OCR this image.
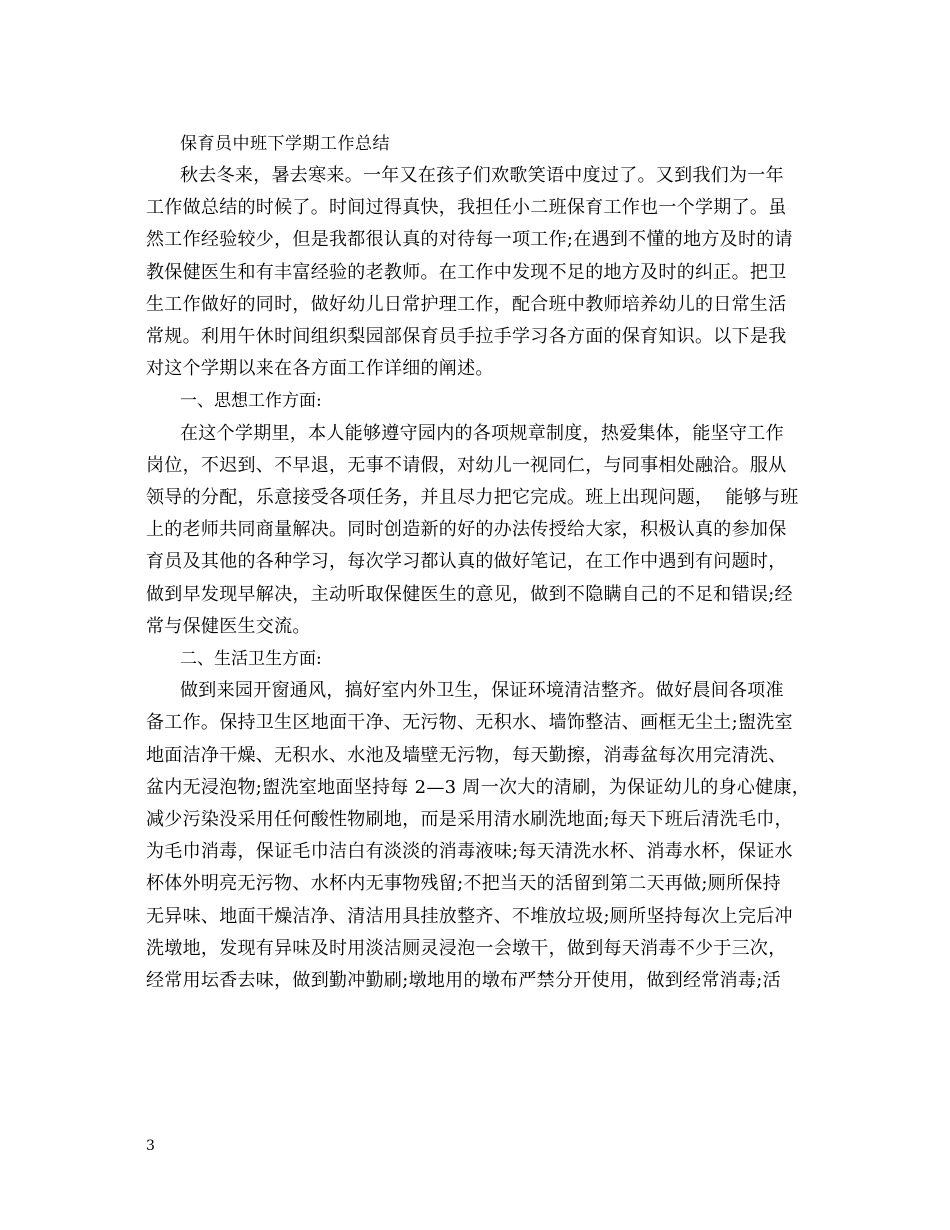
保育员中班下学期工作总结

秋去冬来，暑去寒来。一年又在孩子们欢歌笑语中度过了。又到我们为一年
工作做总结的时候了。时间过得真快，我担任小二班保育工作也一个学期了。虽
然工作经验较少，但是我都很认真的对待每一项工作;在遇到不懂的地方及时的请
教保健医生和有丰富经验的老教师。在工作中发现不足的地方及时的纠正。把卫
生工作做好的同时，做好幼儿日常护理工作，配合班中教师培养幼儿的日常生活
常规。利用午休时间组织梨园部保育员手拉手学习各方面的保育知识。以下是我
对这个学期以来在各方面工作详细的阐述。

一、思想工作方面:

在这个学期里，本人能够遵守园内的各项规章制度，热爱集体，能坚守工作
岗位，不迟到、不早退，无事不请假，对幼儿一视同仁，与同事相处融洽。服从
领导的分配，乐意接受各项任务，并且尽力把它完成。班上出现问题，  能够与班
上的老师共同商量解决。同时创造新的好的办法传授给大家，积极认真的参加保
育员及其他的各种学习，每次学习都认真的做好笔记，在工作中遇到有问题时，
做到早发现早解决，主动听取保健医生的意见，做到不隐瞒自己的不足和错误;经
常与保健医生交流。

二、生活卫生方面:

做到来园开窗通风，搞好室内外卫生，保证环境清洁整齐。做好晨间各项准
备工作。保持卫生区地面干净、无污物、无积水、墙饰整洁、画框无尘土;盥洗室
地面洁净干燥、无积水、水池及墙壁无污物，每天勤擦，消毒盆每次用完清洗、
盆内无浸泡物;盥洗室地面坚持每 2—3 周一次大的清刷，为保证幼儿的身心健康，
减少污染没采用任何酸性物刷地，而是采用清水刷洗地面;每天下班后清洗毛巾，
为毛巾消毒，保证毛巾洁白有淡淡的消毒液味;每天清洗水杯、消毒水杯，保证水
杯体外明亮无污物、水杯内无事物残留;不把当天的活留到第二天再做;厕所保持
无异味、地面干燥洁净、清洁用具挂放整齐、不堆放垃圾;厕所坚持每次上完后冲
洗墩地，发现有异味及时用淡洁厕灵浸泡一会墩干，做到每天消毒不少于三次，
经常用坛香去味，做到勤冲勤刷;墩地用的墩布严禁分开使用，做到经常消毒;活

3
